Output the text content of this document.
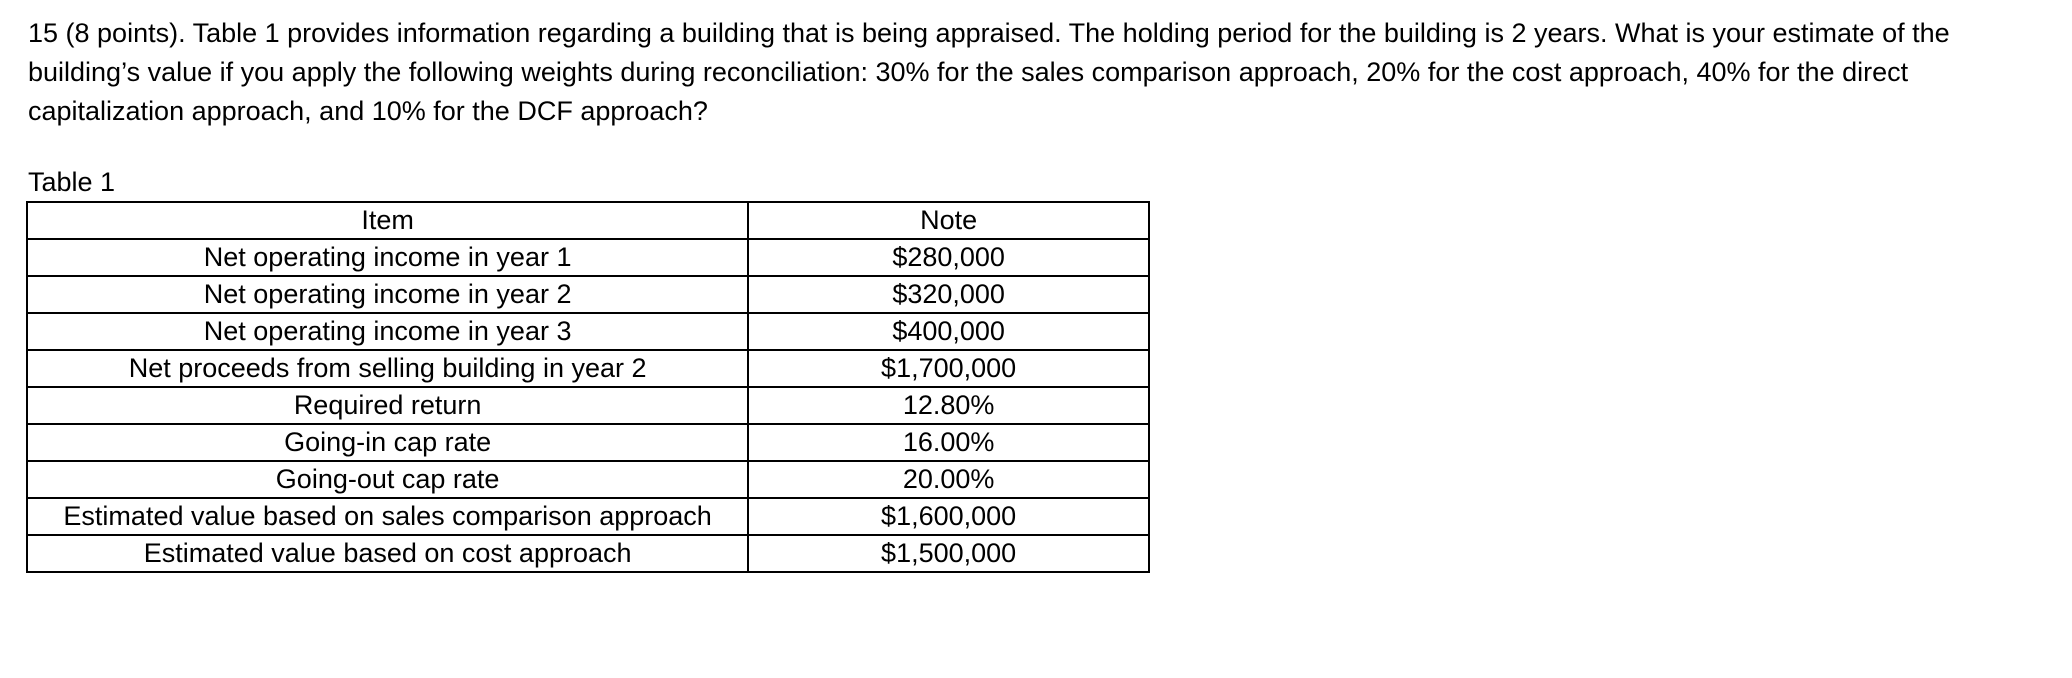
15 (8 points). Table 1 provides information regarding a building that is being appraised. The holding period for the building is 2 years. What is your estimate of the building’s value if you apply the following weights during reconciliation: 30% for the sales comparison approach, 20% for the cost approach, 40% for the direct capitalization approach, and 10% for the DCF approach?

Table 1

Item	Note
Net operating income in year 1	$280,000
Net operating income in year 2	$320,000
Net operating income in year 3	$400,000
Net proceeds from selling building in year 2	$1,700,000
Required return	12.80%
Going-in cap rate	16.00%
Going-out cap rate	20.00%
Estimated value based on sales comparison approach	$1,600,000
Estimated value based on cost approach	$1,500,000
